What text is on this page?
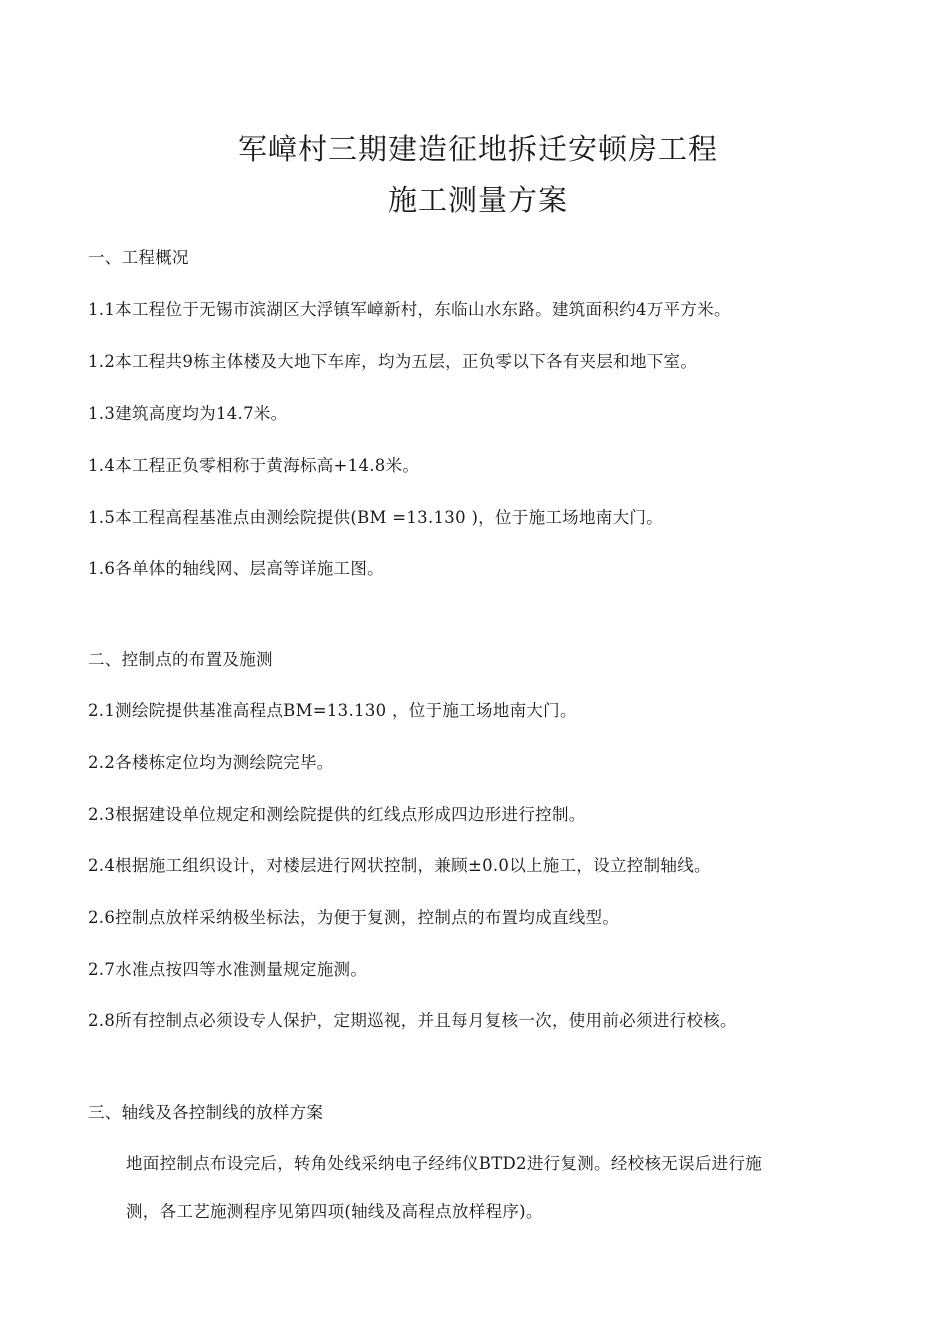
军嶂村三期建造征地拆迁安顿房工程
施工测量方案
一、工程概况
1.1本工程位于无锡市滨湖区大浮镇军嶂新村，东临山水东路。建筑面积约4万平方米。
1.2本工程共9栋主体楼及大地下车库，均为五层，正负零以下各有夹层和地下室。
1.3建筑高度均为14.7米。
1.4本工程正负零相称于黄海标高+14.8米。
1.5本工程高程基准点由测绘院提供(BM =13.130 )，位于施工场地南大门。
1.6各单体的轴线网、层高等详施工图。
二、控制点的布置及施测
2.1测绘院提供基准高程点BM=13.130 ，位于施工场地南大门。
2.2各楼栋定位均为测绘院完毕。
2.3根据建设单位规定和测绘院提供的红线点形成四边形进行控制。
2.4根据施工组织设计，对楼层进行网状控制，兼顾±0.0以上施工，设立控制轴线。
2.6控制点放样采纳极坐标法，为便于复测，控制点的布置均成直线型。
2.7水准点按四等水准测量规定施测。
2.8所有控制点必须设专人保护，定期巡视，并且每月复核一次，使用前必须进行校核。
三、轴线及各控制线的放样方案
地面控制点布设完后，转角处线采纳电子经纬仪BTD2进行复测。经校核无误后进行施
测，各工艺施测程序见第四项(轴线及高程点放样程序)。
